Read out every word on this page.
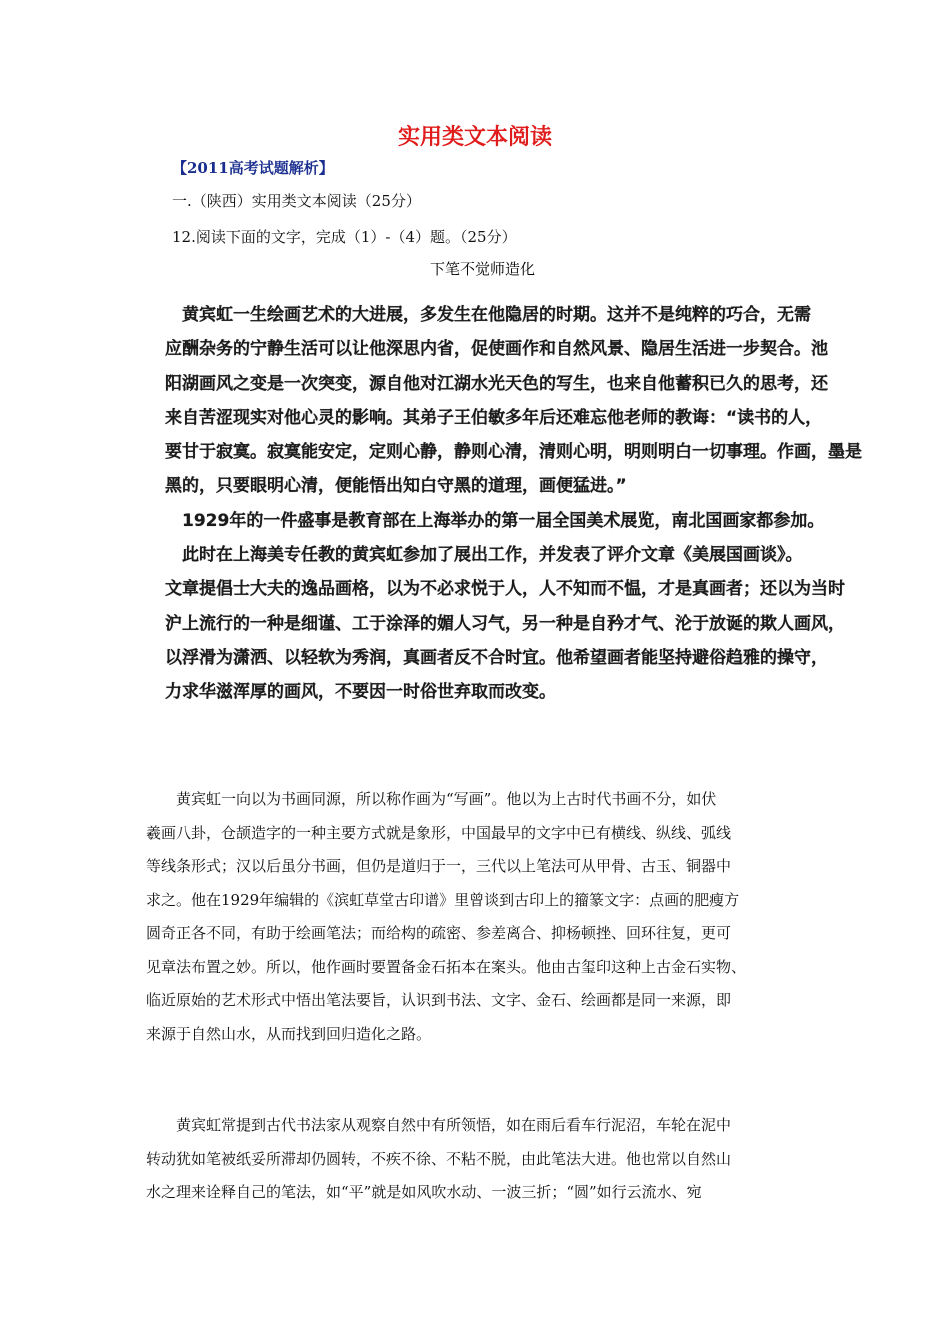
实用类文本阅读
【2011高考试题解析】
一.（陕西）实用类文本阅读（25分）
12.阅读下面的文字，完成（1）-（4）题。（25分）
下笔不觉师造化
　黄宾虹一生绘画艺术的大进展，多发生在他隐居的时期。这并不是纯粹的巧合，无需
应酬杂务的宁静生活可以让他深思内省，促使画作和自然风景、隐居生活进一步契合。池
阳湖画风之变是一次突变，源自他对江湖水光天色的写生，也来自他蓄积已久的思考，还
来自苦涩现实对他心灵的影响。其弟子王伯敏多年后还难忘他老师的教诲：“读书的人，
要甘于寂寞。寂寞能安定，定则心静，静则心清，清则心明，明则明白一切事理。作画，墨是
黑的，只要眼明心清，便能悟出知白守黑的道理，画便猛进。”
　1929年的一件盛事是教育部在上海举办的第一届全国美术展览，南北国画家都参加。
　此时在上海美专任教的黄宾虹参加了展出工作，并发表了评介文章《美展国画谈》。
文章提倡士大夫的逸品画格，以为不必求悦于人，人不知而不愠，才是真画者；还以为当时
沪上流行的一种是细谨、工于涂泽的媚人习气，另一种是自矜才气、沦于放诞的欺人画风，
以浮滑为潇洒、以轻软为秀润，真画者反不合时宜。他希望画者能坚持避俗趋雅的操守，
力求华滋浑厚的画风，不要因一时俗世弃取而改变。
　　黄宾虹一向以为书画同源，所以称作画为“写画”。他以为上古时代书画不分，如伏
羲画八卦，仓颉造字的一种主要方式就是象形，中国最早的文字中已有横线、纵线、弧线
等线条形式；汉以后虽分书画，但仍是道归于一，三代以上笔法可从甲骨、古玉、铜器中
求之。他在1929年编辑的《滨虹草堂古印谱》里曾谈到古印上的籀篆文字：点画的肥瘦方
圆奇正各不同，有助于绘画笔法；而给构的疏密、参差离合、抑杨顿挫、回环往复，更可
见章法布置之妙。所以，他作画时要置备金石拓本在案头。他由古玺印这种上古金石实物、
临近原始的艺术形式中悟出笔法要旨，认识到书法、文字、金石、绘画都是同一来源，即
来源于自然山水，从而找到回归造化之路。
　　黄宾虹常提到古代书法家从观察自然中有所领悟，如在雨后看车行泥沼，车轮在泥中
转动犹如笔被纸妥所滞却仍圆转，不疾不徐、不粘不脱，由此笔法大进。他也常以自然山
水之理来诠释自己的笔法，如“平”就是如风吹水动、一波三折；“圆”如行云流水、宛
